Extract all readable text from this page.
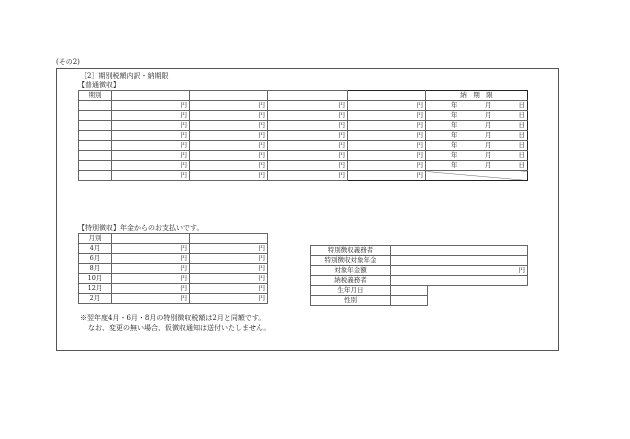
(その2)
［2］期別税額内訳・納期限
【普通徴収】
期別					納　期　限		
	円	円	円	円	年	月	日
	円	円	円	円	年	月	日
	円	円	円	円	年	月	日
	円	円	円	円	年	月	日
	円	円	円	円	年	月	日
	円	円	円	円	年	月	日
	円	円	円	円	年	月	日
	円	円	円	円			
【特別徴収】年金からのお支払いです。
月別		
4月	円	円
6月	円	円
8月	円	円
10月	円	円
12月	円	円
2月	円	円
特別徴収義務者		
特別徴収対象年金		
対象年金額	円	
納税義務者		
生年月日		
性別		
※翌年度4月・6月・8月の特別徴収税額は2月と同額です。
なお、変更の無い場合、仮徴収通知は送付いたしません。
